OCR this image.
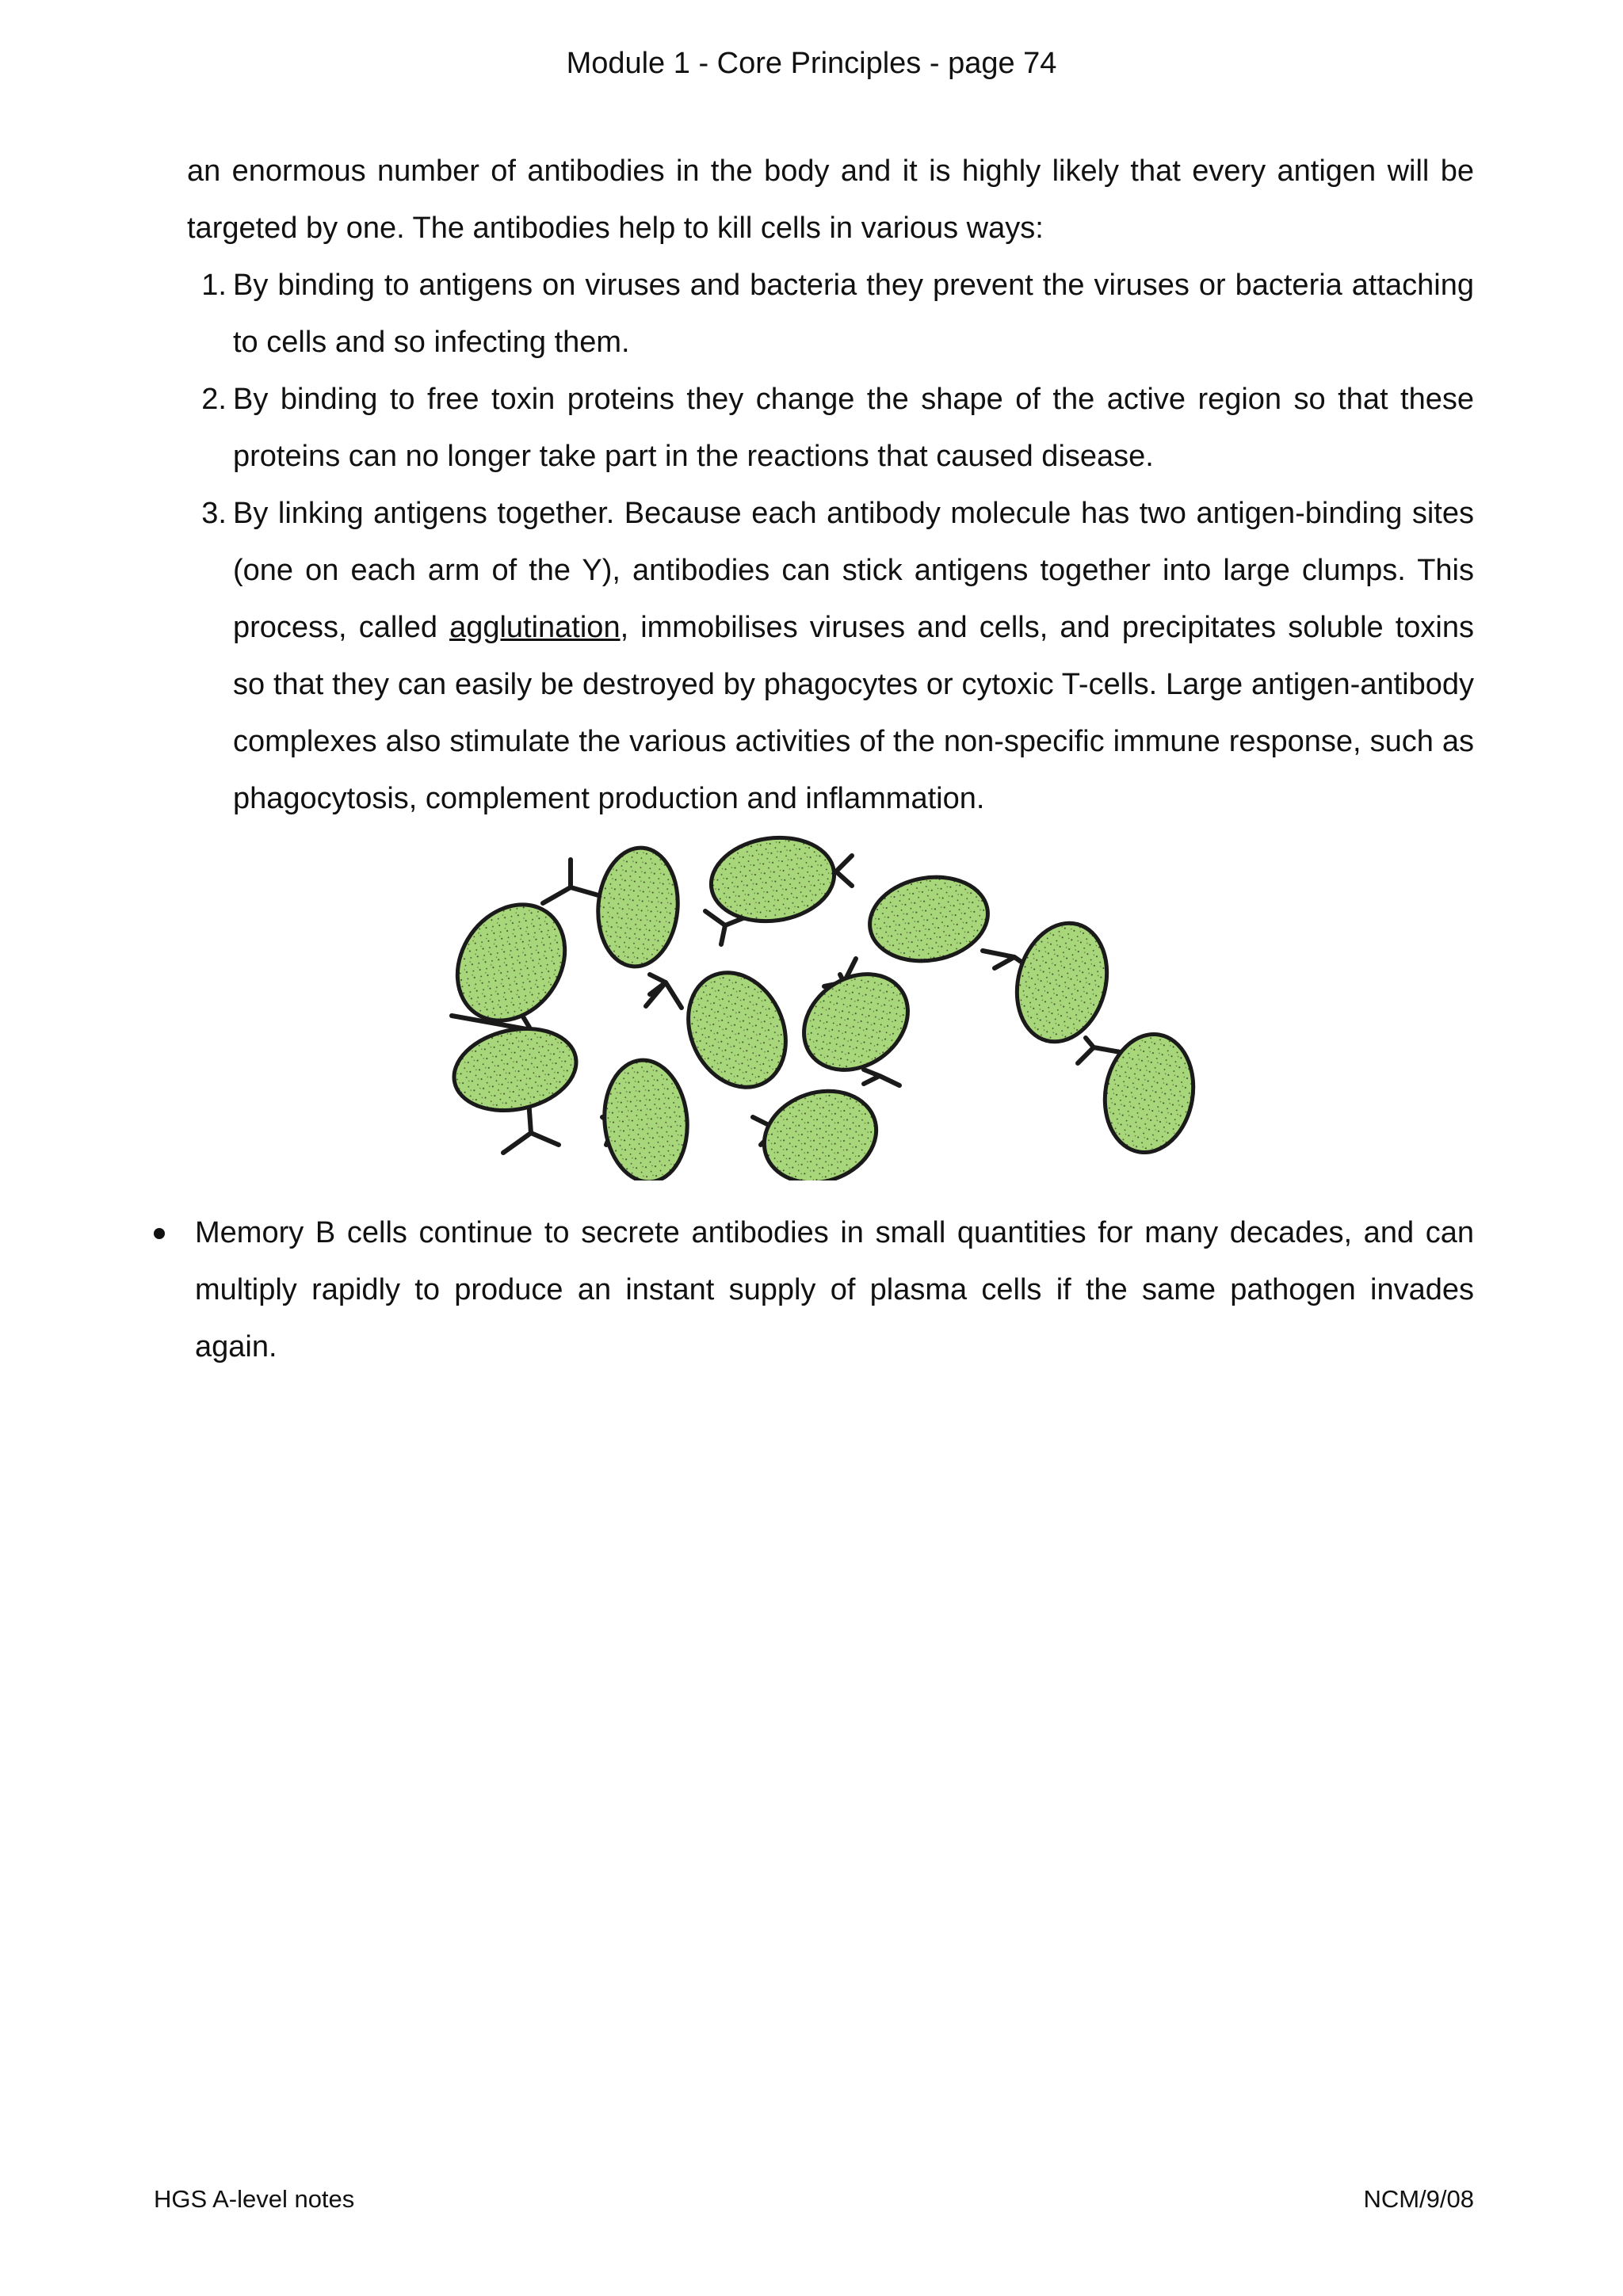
Module 1 - Core Principles - page 74

an enormous number of antibodies in the body and it is highly likely that every antigen will be targeted by one. The antibodies help to kill cells in various ways:

1. By binding to antigens on viruses and bacteria they prevent the viruses or bacteria attaching to cells and so infecting them.
2. By binding to free toxin proteins they change the shape of the active region so that these proteins can no longer take part in the reactions that caused disease.
3. By linking antigens together. Because each antibody molecule has two antigen-binding sites (one on each arm of the Y), antibodies can stick antigens together into large clumps. This process, called agglutination, immobilises viruses and cells, and precipitates soluble toxins so that they can easily be destroyed by phagocytes or cytoxic T-cells. Large antigen-antibody complexes also stimulate the various activities of the non-specific immune response, such as phagocytosis, complement production and inflammation.

Memory B cells continue to secrete antibodies in small quantities for many decades, and can multiply rapidly to produce an instant supply of plasma cells if the same pathogen invades again.

HGS A-level notes	NCM/9/08
